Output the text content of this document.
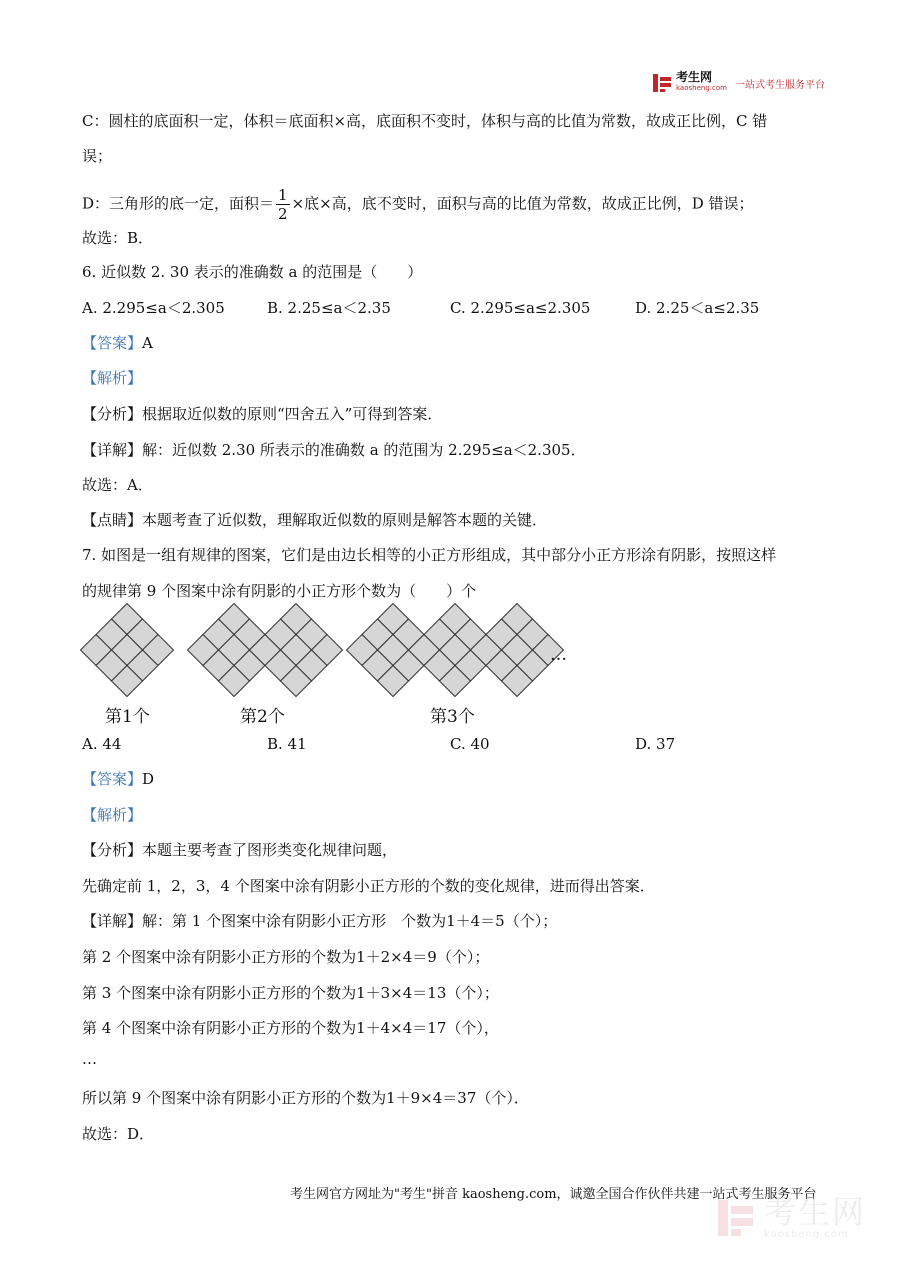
考生网
kaosheng.com 一站式考生服务平台
C：圆柱的底面积一定，体积＝底面积×高，底面积不变时，体积与高的比值为常数，故成正比例，C 错
误；
D：三角形的底一定，面积＝ $\frac{1}{2}$ ×底×高，底不变时，面积与高的比值为常数，故成正比例，D 错误；
故选：B．
6. 近似数 2. 30 表示的准确数 a 的范围是（　　）
A. 2.295≤a＜2.305	B. 2.25≤a＜2.35	C. 2.295≤a≤2.305	D. 2.25＜a≤2.35
【答案】A
【解析】
【分析】根据取近似数的原则“四舍五入”可得到答案．
【详解】解：近似数 2.30 所表示的准确数 a 的范围为 2.295≤a＜2.305．
故选：A．
【点睛】本题考查了近似数，理解取近似数的原则是解答本题的关键．
7. 如图是一组有规律的图案，它们是由边长相等的小正方形组成，其中部分小正方形涂有阴影，按照这样
的规律第 9 个图案中涂有阴影的小正方形个数为（　　）个
…
第1个	第2个	第3个
A. 44	B. 41	C. 40	D. 37
【答案】D
【解析】
【分析】本题主要考查了图形类变化规律问题，
先确定前 1，2，3，4 个图案中涂有阴影小正方形的个数的变化规律，进而得出答案．
【详解】解：第 1 个图案中涂有阴影小正方形　个数为1＋4＝5（个）；
第 2 个图案中涂有阴影小正方形的个数为1＋2×4＝9（个）；
第 3 个图案中涂有阴影小正方形的个数为1＋3×4＝13（个）；
第 4 个图案中涂有阴影小正方形的个数为1＋4×4＝17（个），
…
所以第 9 个图案中涂有阴影小正方形的个数为1＋9×4＝37（个）．
故选：D．
考生网官方网址为"考生"拼音 kaosheng.com，诚邀全国合作伙伴共建一站式考生服务平台
考生网
kaosheng.com
